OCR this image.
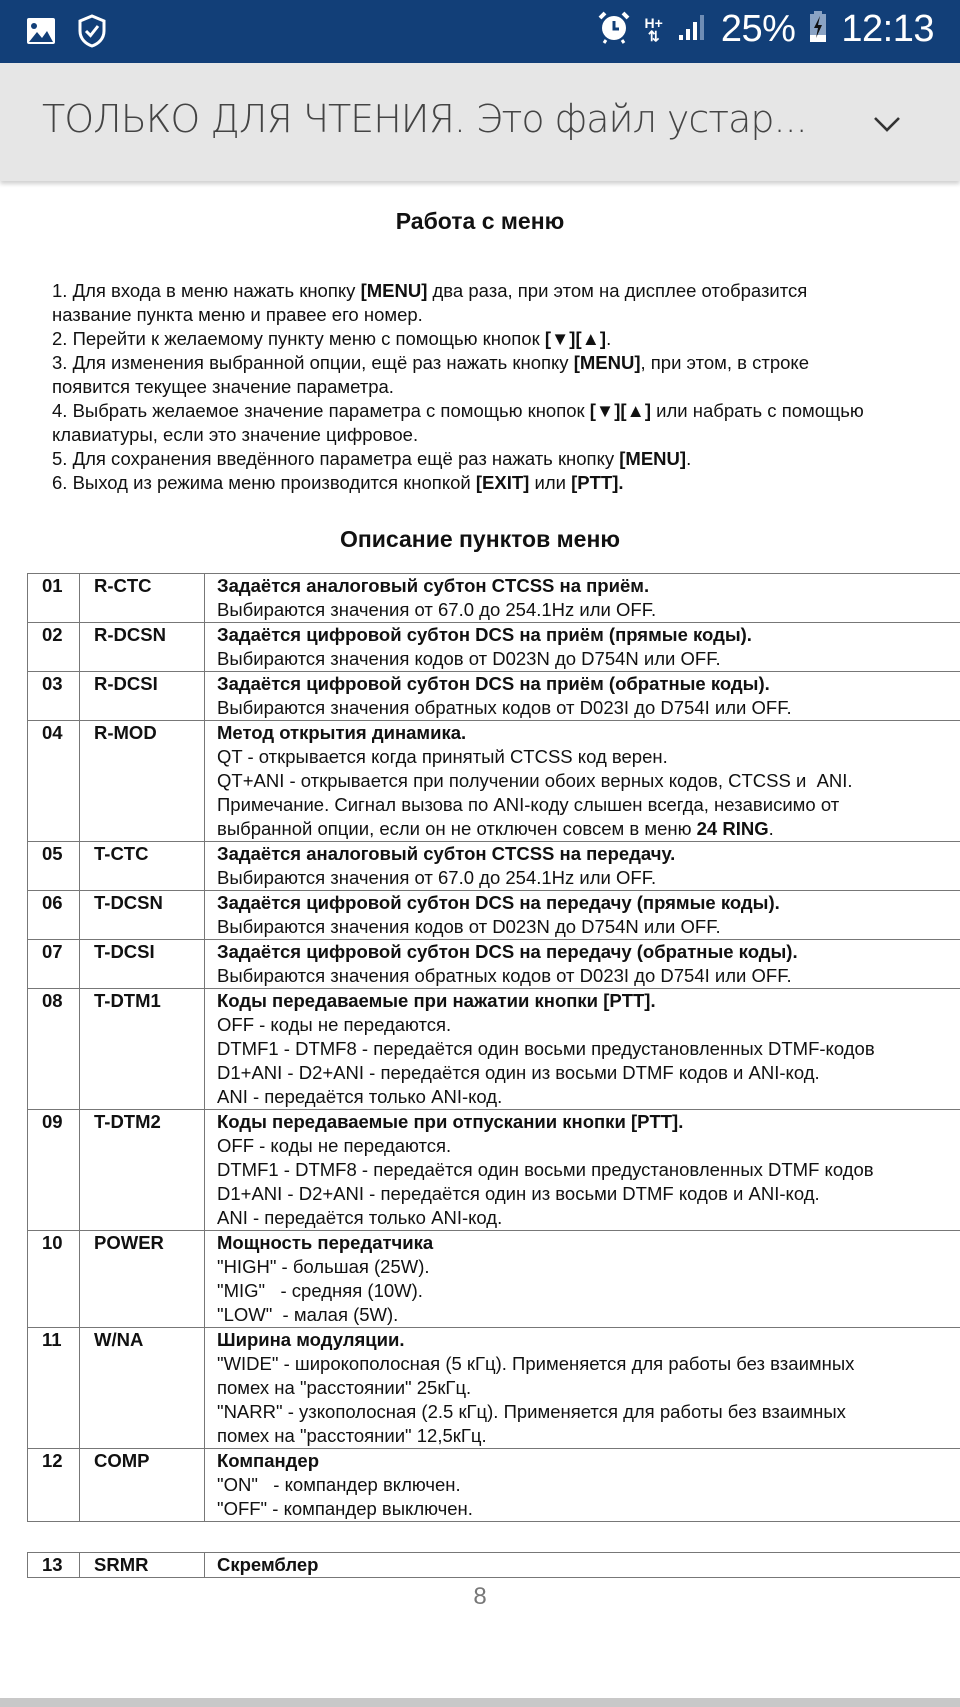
H+
⇅ 25% 12:13
ТОЛЬКО ДЛЯ ЧТЕНИЯ. Это файл устар...
Работа с меню
1. Для входа в меню нажать кнопку [MENU] два раза, при этом на дисплее отобразится
название пункта меню и правее его номер.
2. Перейти к желаемому пункту меню с помощью кнопок [▼][▲].
3. Для изменения выбранной опции, ещё раз нажать кнопку [MENU], при этом, в строке
появится текущее значение параметра.
4. Выбрать желаемое значение параметра с помощью кнопок [▼][▲] или набрать с помощью
клавиатуры, если это значение цифровое.
5. Для сохранения введённого параметра ещё раз нажать кнопку [MENU].
6. Выход из режима меню производится кнопкой [EXIT] или [PTT].
Описание пунктов меню
01	R-CTC	Задаётся аналоговый субтон CTCSS на приём.
Выбираются значения от 67.0 до 254.1Hz или OFF.

02	R-DCSN	Задаётся цифровой субтон DCS на приём (прямые коды).
Выбираются значения кодов от D023N до D754N или OFF.

03	R-DCSI	Задаётся цифровой субтон DCS на приём (обратные коды).
Выбираются значения обратных кодов от D023I до D754I или OFF.

04	R-MOD	Метод открытия динамика.
QT - открывается когда принятый CTCSS код верен.
QT+ANI - открывается при получении обоих верных кодов, CTCSS и  ANI.
Примечание. Сигнал вызова по ANI-коду слышен всегда, независимо от
выбранной опции, если он не отключен совсем в меню 24 RING.

05	T-CTC	Задаётся аналоговый субтон CTCSS на передачу.
Выбираются значения от 67.0 до 254.1Hz или OFF.

06	T-DCSN	Задаётся цифровой субтон DCS на передачу (прямые коды).
Выбираются значения кодов от D023N до D754N или OFF.

07	T-DCSI	Задаётся цифровой субтон DCS на передачу (обратные коды).
Выбираются значения обратных кодов от D023I до D754I или OFF.

08	T-DTM1	Коды передаваемые при нажатии кнопки [PTT].
OFF - коды не передаются.
DTMF1 - DTMF8 - передаётся один восьми предустановленных DTMF-кодов
D1+ANI - D2+ANI - передаётся один из восьми DTMF кодов и ANI-код.
ANI - передаётся только ANI-код.

09	T-DTM2	Коды передаваемые при отпускании кнопки [PTT].
OFF - коды не передаются.
DTMF1 - DTMF8 - передаётся один восьми предустановленных DTMF кодов
D1+ANI - D2+ANI - передаётся один из восьми DTMF кодов и ANI-код.
ANI - передаётся только ANI-код.

10	POWER	Мощность передатчика
"HIGH" - большая (25W).
"MIG"   - средняя (10W).
"LOW"  - малая (5W).

11	W/NA	Ширина модуляции.
"WIDE" - широкополосная (5 кГц). Применяется для работы без взаимных
помех на "расстоянии" 25кГц.
"NARR" - узкополосная (2.5 кГц). Применяется для работы без взаимных
помех на "расстоянии" 12,5кГц.

12	COMP	Компандер
"ON"   - компандер включен.
"OFF" - компандер выключен.
13	SRMR	Скремблер
8
